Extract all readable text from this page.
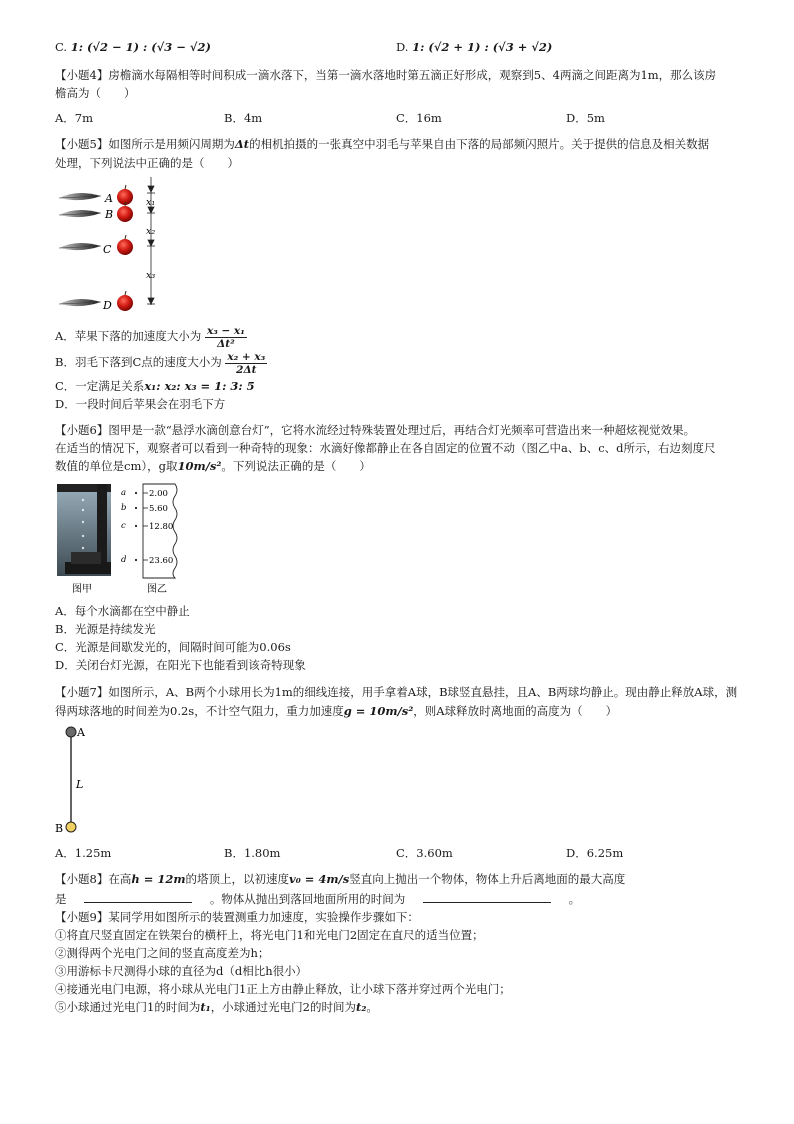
C. 1: (√2 − 1) : (√3 − √2)	D. 1: (√2 + 1) : (√3 + √2)
【小题4】房檐滴水每隔相等时间积成一滴水落下，当第一滴水落地时第五滴正好形成，观察到5、4两滴之间距离为1m，那么该房
檐高为（　　）
A．7m	B．4m	C．16m	D．5m
【小题5】如图所示是用频闪周期为Δt的相机拍摄的一张真空中羽毛与苹果自由下落的局部频闪照片。关于提供的信息及相关数据
处理，下列说法中正确的是（　　）
A
B
C
D
x₁
x₂
x₃
A．苹果下落的加速度大小为 $\frac{\text{x₃ − x₁}}{\text{Δt²}}$
B．羽毛下落到C点的速度大小为 $\frac{\text{x₂ + x₃}}{2\Delta t}$
C．一定满足关系x₁: x₂: x₃ = 1: 3: 5
D．一段时间后苹果会在羽毛下方
【小题6】图甲是一款“悬浮水滴创意台灯”，它将水流经过特殊装置处理过后，再结合灯光频率可营造出来一种超炫视觉效果。
在适当的情况下，观察者可以看到一种奇特的现象：水滴好像都静止在各自固定的位置不动（图乙中a、b、c、d所示，右边刻度尺
数值的单位是cm），g取10m/s²。下列说法正确的是（　　）
a
b
c
d
2.00
5.60
12.80
23.60
图甲	图乙
A．每个水滴都在空中静止
B．光源是持续发光
C．光源是间歇发光的，间隔时间可能为0.06s
D．关闭台灯光源，在阳光下也能看到该奇特现象
【小题7】如图所示，A、B两个小球用长为1m的细线连接，用手拿着A球，B球竖直悬挂，且A、B两球均静止。现由静止释放A球，测
得两球落地的时间差为0.2s，不计空气阻力，重力加速度g = 10m/s²，则A球释放时离地面的高度为（　　）
A
B
L
A．1.25m	B．1.80m	C．3.60m	D．6.25m
【小题8】在高h = 12m的塔顶上，以初速度v₀ = 4m/s竖直向上抛出一个物体，物体上升后离地面的最大高度
是	。物体从抛出到落回地面所用的时间为	。
【小题9】某同学用如图所示的装置测重力加速度，实验操作步骤如下：
①将直尺竖直固定在铁架台的横杆上，将光电门1和光电门2固定在直尺的适当位置；
②测得两个光电门之间的竖直高度差为h；
③用游标卡尺测得小球的直径为d（d相比h很小）
④接通光电门电源，将小球从光电门1正上方由静止释放，让小球下落并穿过两个光电门；
⑤小球通过光电门1的时间为t₁，小球通过光电门2的时间为t₂。
